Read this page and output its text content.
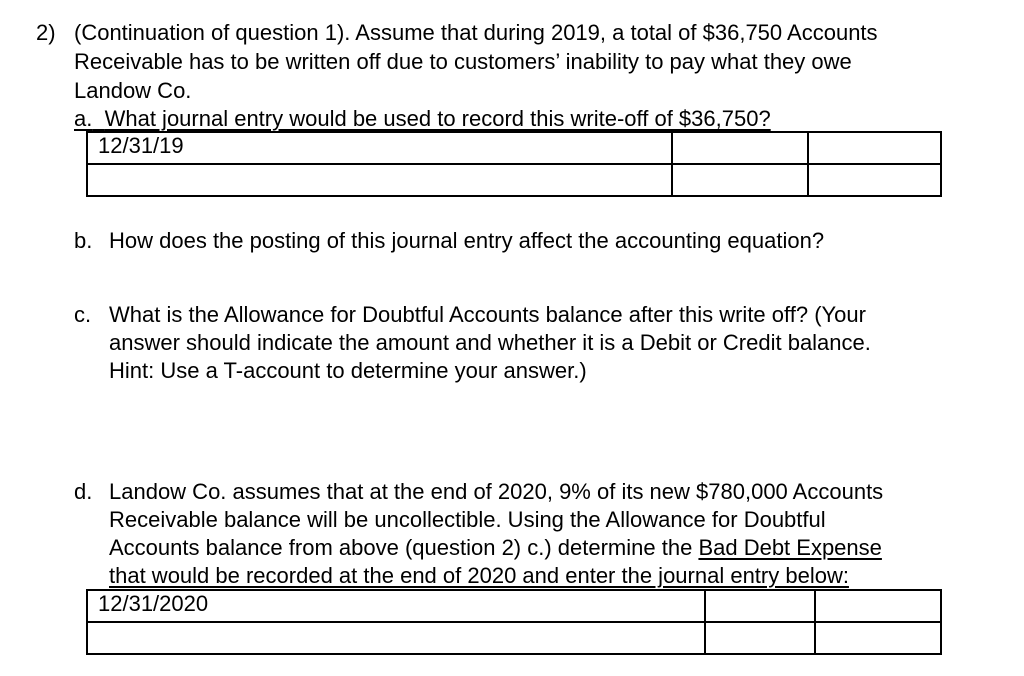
2) (Continuation of question 1). Assume that during 2019, a total of $36,750 Accounts
Receivable has to be written off due to customers’ inability to pay what they owe
Landow Co.
a. What journal entry would be used to record this write-off of $36,750?
12/31/19		

b. How does the posting of this journal entry affect the accounting equation?
c. What is the Allowance for Doubtful Accounts balance after this write off? (Your
answer should indicate the amount and whether it is a Debit or Credit balance.
Hint: Use a T-account to determine your answer.)
d. Landow Co. assumes that at the end of 2020, 9% of its new $780,000 Accounts
Receivable balance will be uncollectible. Using the Allowance for Doubtful
Accounts balance from above (question 2) c.) determine the Bad Debt Expense
that would be recorded at the end of 2020 and enter the journal entry below:
12/31/2020		
